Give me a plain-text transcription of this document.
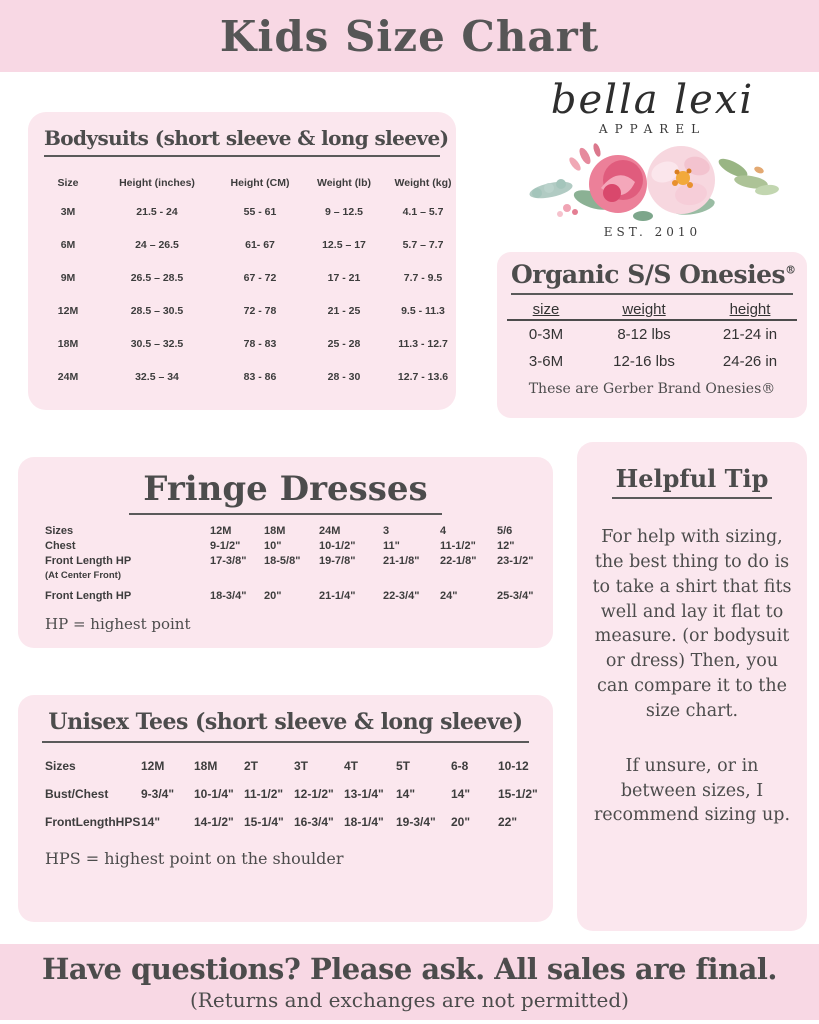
Kids Size Chart
Bodysuits (short sleeve & long sleeve)
Size	Height (inches)	Height (CM)	Weight (lb)	Weight (kg)
3M	21.5 - 24	55 - 61	9 – 12.5	4.1 – 5.7
6M	24 – 26.5	61- 67	12.5 – 17	5.7 – 7.7
9M	26.5 – 28.5	67 - 72	17 - 21	7.7 - 9.5
12M	28.5 – 30.5	72 - 78	21 - 25	9.5 - 11.3
18M	30.5 – 32.5	78 - 83	25 - 28	11.3 - 12.7
24M	32.5 – 34	83 - 86	28 - 30	12.7 - 13.6
bella lexi
APPAREL
EST. 2010
Organic S/S Onesies®
size	weight	height
0-3M	8-12 lbs	21-24 in
3-6M	12-16 lbs	24-26 in
These are Gerber Brand Onesies®
Fringe Dresses
Sizes	12M	18M	24M	3	4	5/6
Chest	9-1/2"	10"	10-1/2"	11"	11-1/2"	12"
Front Length HP	17-3/8"	18-5/8"	19-7/8"	21-1/8"	22-1/8"	23-1/2"
(At Center Front)
Front Length HP	18-3/4"	20"	21-1/4"	22-3/4"	24"	25-3/4"
HP = highest point
Helpful Tip

For help with sizing, the best thing to do is to take a shirt that fits well and lay it flat to measure. (or bodysuit or dress) Then, you can compare it to the size chart.

If unsure, or in between sizes, I recommend sizing up.

Unisex Tees (short sleeve & long sleeve)
Sizes	12M	18M	2T	3T	4T	5T	6-8	10-12
Bust/Chest	9-3/4"	10-1/4" 11-1/2" 12-1/2" 13-1/4"	14"	14"	15-1/2"
FrontLengthHPS 14"	14-1/2" 15-1/4" 16-3/4" 18-1/4"	19-3/4"	20"	22"
HPS = highest point on the shoulder
Have questions? Please ask. All sales are final.
(Returns and exchanges are not permitted)
